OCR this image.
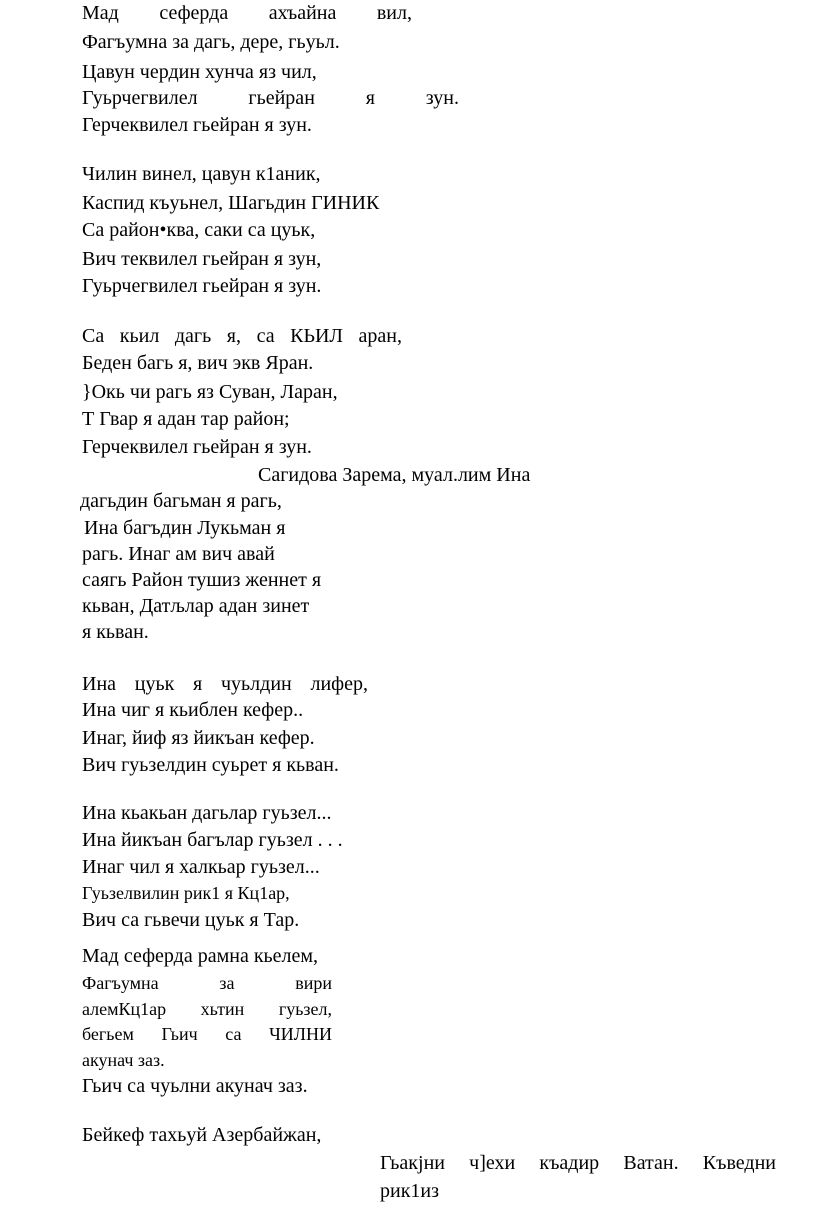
Мад сеферда ахъайна вил,
Фагъумна за дагь, дере, гьуьл.
Цавун чердин хунча яз чил,
Гуьрчегвилел гьейран я зун.
Герчеквилел гьейран я зун.
Чилин винел, цавун к1аник,
Каспид къуьнел, Шагьдин ГИНИК
Са район•ква, саки са цуьк,
Вич теквилел гьейран я зун,
Гуьрчегвилел гьейран я зун.
Са кьил дагь я, са КЬИЛ аран,
Беден багь я, вич экв Яран.
}Окь чи рагь яз Суван, Ларан,
Т Гвар я адан тар район;
Герчеквилел гьейран я зун.
Сагидова Зарема, муал.лим Ина
дагьдин багьман я рагь,
Ина багъдин Лукьман я
рагь. Инаг ам вич авай
саягь Район тушиз женнет я
кьван, Датљлар адан зинет
я кьван.
Ина цуьк я чуьлдин лифер,
Ина чиг я кьиблен кефер..
Инаг, йиф яз йикъан кефер.
Вич гуьзелдин суьрет я кьван.
Ина кьакьан дагьлар гуьзел...
Ина йикъан багълар гуьзел . . .
Инаг чил я халкьар гуьзел...
Гуьзелвилин рик1 я Кц1ар,
Вич са гьвечи цуьк я Тар.
Мад сеферда рамна кьелем,
Фагъумна за вири
алемКц1ар хьтин гуьзел,
бегьем Гьич са ЧИЛНИ
акунач заз.
Гьич са чуьлни акунач заз.
Бейкеф тахьуй Азербайжан,
Гьакјни ч]ехи къадир Ватан. Къведни
рик1из
